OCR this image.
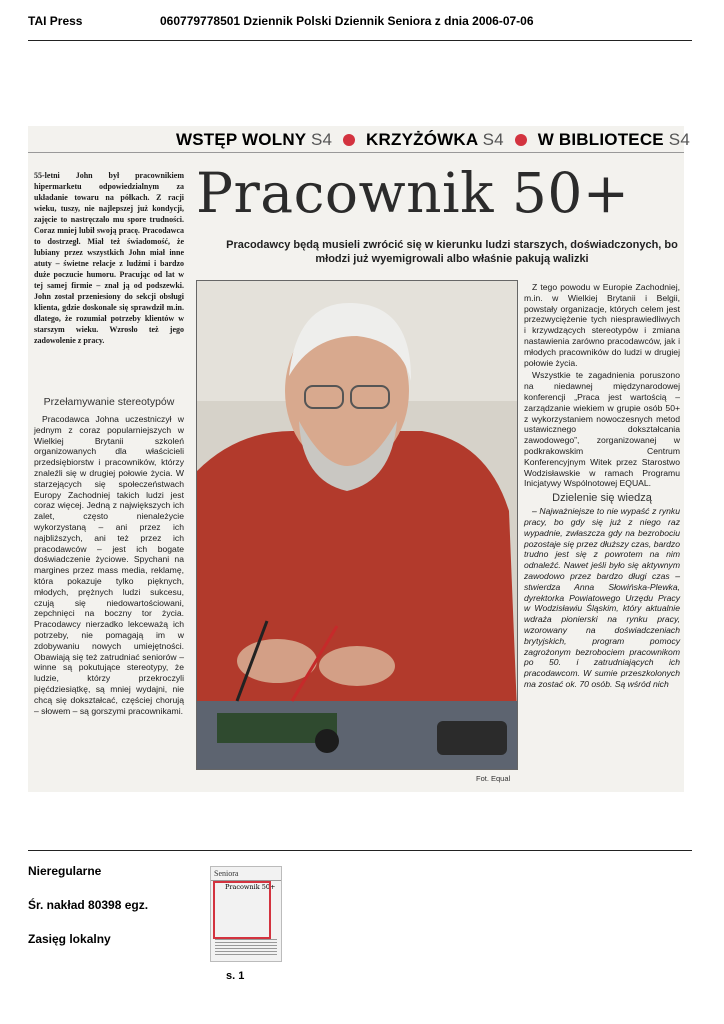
TAI Press	060779778501 Dziennik Polski Dziennik Seniora z dnia 2006-07-06
WSTĘP WOLNY S4 KRZYŻÓWKA S4 W BIBLIOTECE S4

55-letni John był pracownikiem hipermarketu odpowiedzialnym za układanie towaru na półkach. Z racji wieku, tuszy, nie najlepszej już kondycji, zajęcie to nastręczało mu spore trudności. Coraz mniej lubił swoją pracę. Pracodawca to dostrzegł. Miał też świadomość, że lubiany przez wszystkich John miał inne atuty – świetne relacje z ludźmi i bardzo duże poczucie humoru. Pracując od lat w tej samej firmie – znał ją od podszewki. John został przeniesiony do sekcji obsługi klienta, gdzie doskonale się sprawdził m.in. dlatego, że rozumiał potrzeby klientów w starszym wieku. Wzrosło też jego zadowolenie z pracy.

Przełamywanie stereotypów

Pracodawca Johna uczestniczył w jednym z coraz popularniejszych w Wielkiej Brytanii szkoleń organizowanych dla właścicieli przedsiębiorstw i pracowników, którzy znaleźli się w drugiej połowie życia. W starzejących się społeczeństwach Europy Zachodniej takich ludzi jest coraz więcej. Jedną z największych ich zalet, często nienależycie wykorzystaną – ani przez ich najbliższych, ani też przez ich pracodawców – jest ich bogate doświadczenie życiowe. Spychani na margines przez mass media, reklamę, która pokazuje tylko pięknych, młodych, prężnych ludzi sukcesu, czują się niedowartościowani, zepchnięci na boczny tor życia. Pracodawcy nierzadko lekceważą ich potrzeby, nie pomagają im w zdobywaniu nowych umiejętności. Obawiają się też zatrudniać seniorów – winne są pokutujące stereotypy, że ludzie, którzy przekroczyli pięćdziesiątkę, są mniej wydajni, nie chcą się dokształcać, częściej chorują – słowem – są gorszymi pracownikami.

Pracownik 50+
Pracodawcy będą musieli zwrócić się w kierunku ludzi starszych, doświadczonych, bo młodzi już wyemigrowali albo właśnie pakują walizki
Fot. Equal

Z tego powodu w Europie Zachodniej, m.in. w Wielkiej Brytanii i Belgii, powstały organizacje, których celem jest przezwyciężenie tych niesprawiedliwych i krzywdzących stereotypów i zmiana nastawienia zarówno pracodawców, jak i młodych pracowników do ludzi w drugiej połowie życia.

Wszystkie te zagadnienia poruszono na niedawnej międzynarodowej konferencji „Praca jest wartością – zarządzanie wiekiem w grupie osób 50+ z wykorzystaniem nowoczesnych metod ustawicznego dokształcania zawodowego”, zorganizowanej w podkrakowskim Centrum Konferencyjnym Witek przez Starostwo Wodzisławskie w ramach Programu Inicjatywy Wspólnotowej EQUAL.

Dzielenie się wiedzą

– Najważniejsze to nie wypaść z rynku pracy, bo gdy się już z niego raz wypadnie, zwłaszcza gdy na bezrobociu pozostaje się przez dłuższy czas, bardzo trudno jest się z powrotem na nim odnaleźć. Nawet jeśli było się aktywnym zawodowo przez bardzo długi czas – stwierdza Anna Słowińska-Plewka, dyrektorka Powiatowego Urzędu Pracy w Wodzisławiu Śląskim, który aktualnie wdraża pionierski na rynku pracy, wzorowany na doświadczeniach brytyjskich, program pomocy zagrożonym bezrobociem pracownikom po 50. i zatrudniających ich pracodawcom. W sumie przeszkolonych ma zostać ok. 70 osób. Są wśród nich

Nieregularne
Śr. nakład 80398 egz.
Zasięg lokalny
Seniora
Pracownik 50+
s. 1
